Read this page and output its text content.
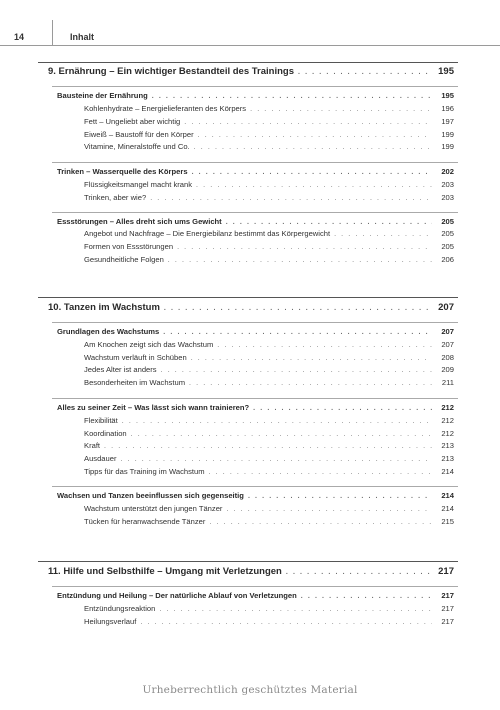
14	Inhalt
9. Ernährung – Ein wichtiger Bestandteil des Trainings . . .	195
Bausteine der Ernährung . . .	195
Kohlenhydrate – Energielieferanten des Körpers . . .	196
Fett – Ungeliebt aber wichtig . . .	197
Eiweiß – Baustoff für den Körper . . .	199
Vitamine, Mineralstoffe und Co. . . .	199
Trinken – Wasserquelle des Körpers . . .	202
Flüssigkeitsmangel macht krank . . .	203
Trinken, aber wie? . . .	203
Essstörungen – Alles dreht sich ums Gewicht . . .	205
Angebot und Nachfrage – Die Energiebilanz bestimmt das Körpergewicht . . .	205
Formen von Essstörungen . . .	205
Gesundheitliche Folgen . . .	206
10. Tanzen im Wachstum . . .	207
Grundlagen des Wachstums . . .	207
Am Knochen zeigt sich das Wachstum . . .	207
Wachstum verläuft in Schüben . . .	208
Jedes Alter ist anders . . .	209
Besonderheiten im Wachstum . . .	211
Alles zu seiner Zeit – Was lässt sich wann trainieren? . . .	212
Flexibilität . . .	212
Koordination . . .	212
Kraft . . .	213
Ausdauer . . .	213
Tipps für das Training im Wachstum . . .	214
Wachsen und Tanzen beeinflussen sich gegenseitig . . .	214
Wachstum unterstützt den jungen Tänzer . . .	214
Tücken für heranwachsende Tänzer . . .	215
11. Hilfe und Selbsthilfe – Umgang mit Verletzungen . . .	217
Entzündung und Heilung – Der natürliche Ablauf von Verletzungen . . .	217
Entzündungsreaktion . . .	217
Heilungsverlauf . . .	217
Urheberrechtlich geschütztes Material
